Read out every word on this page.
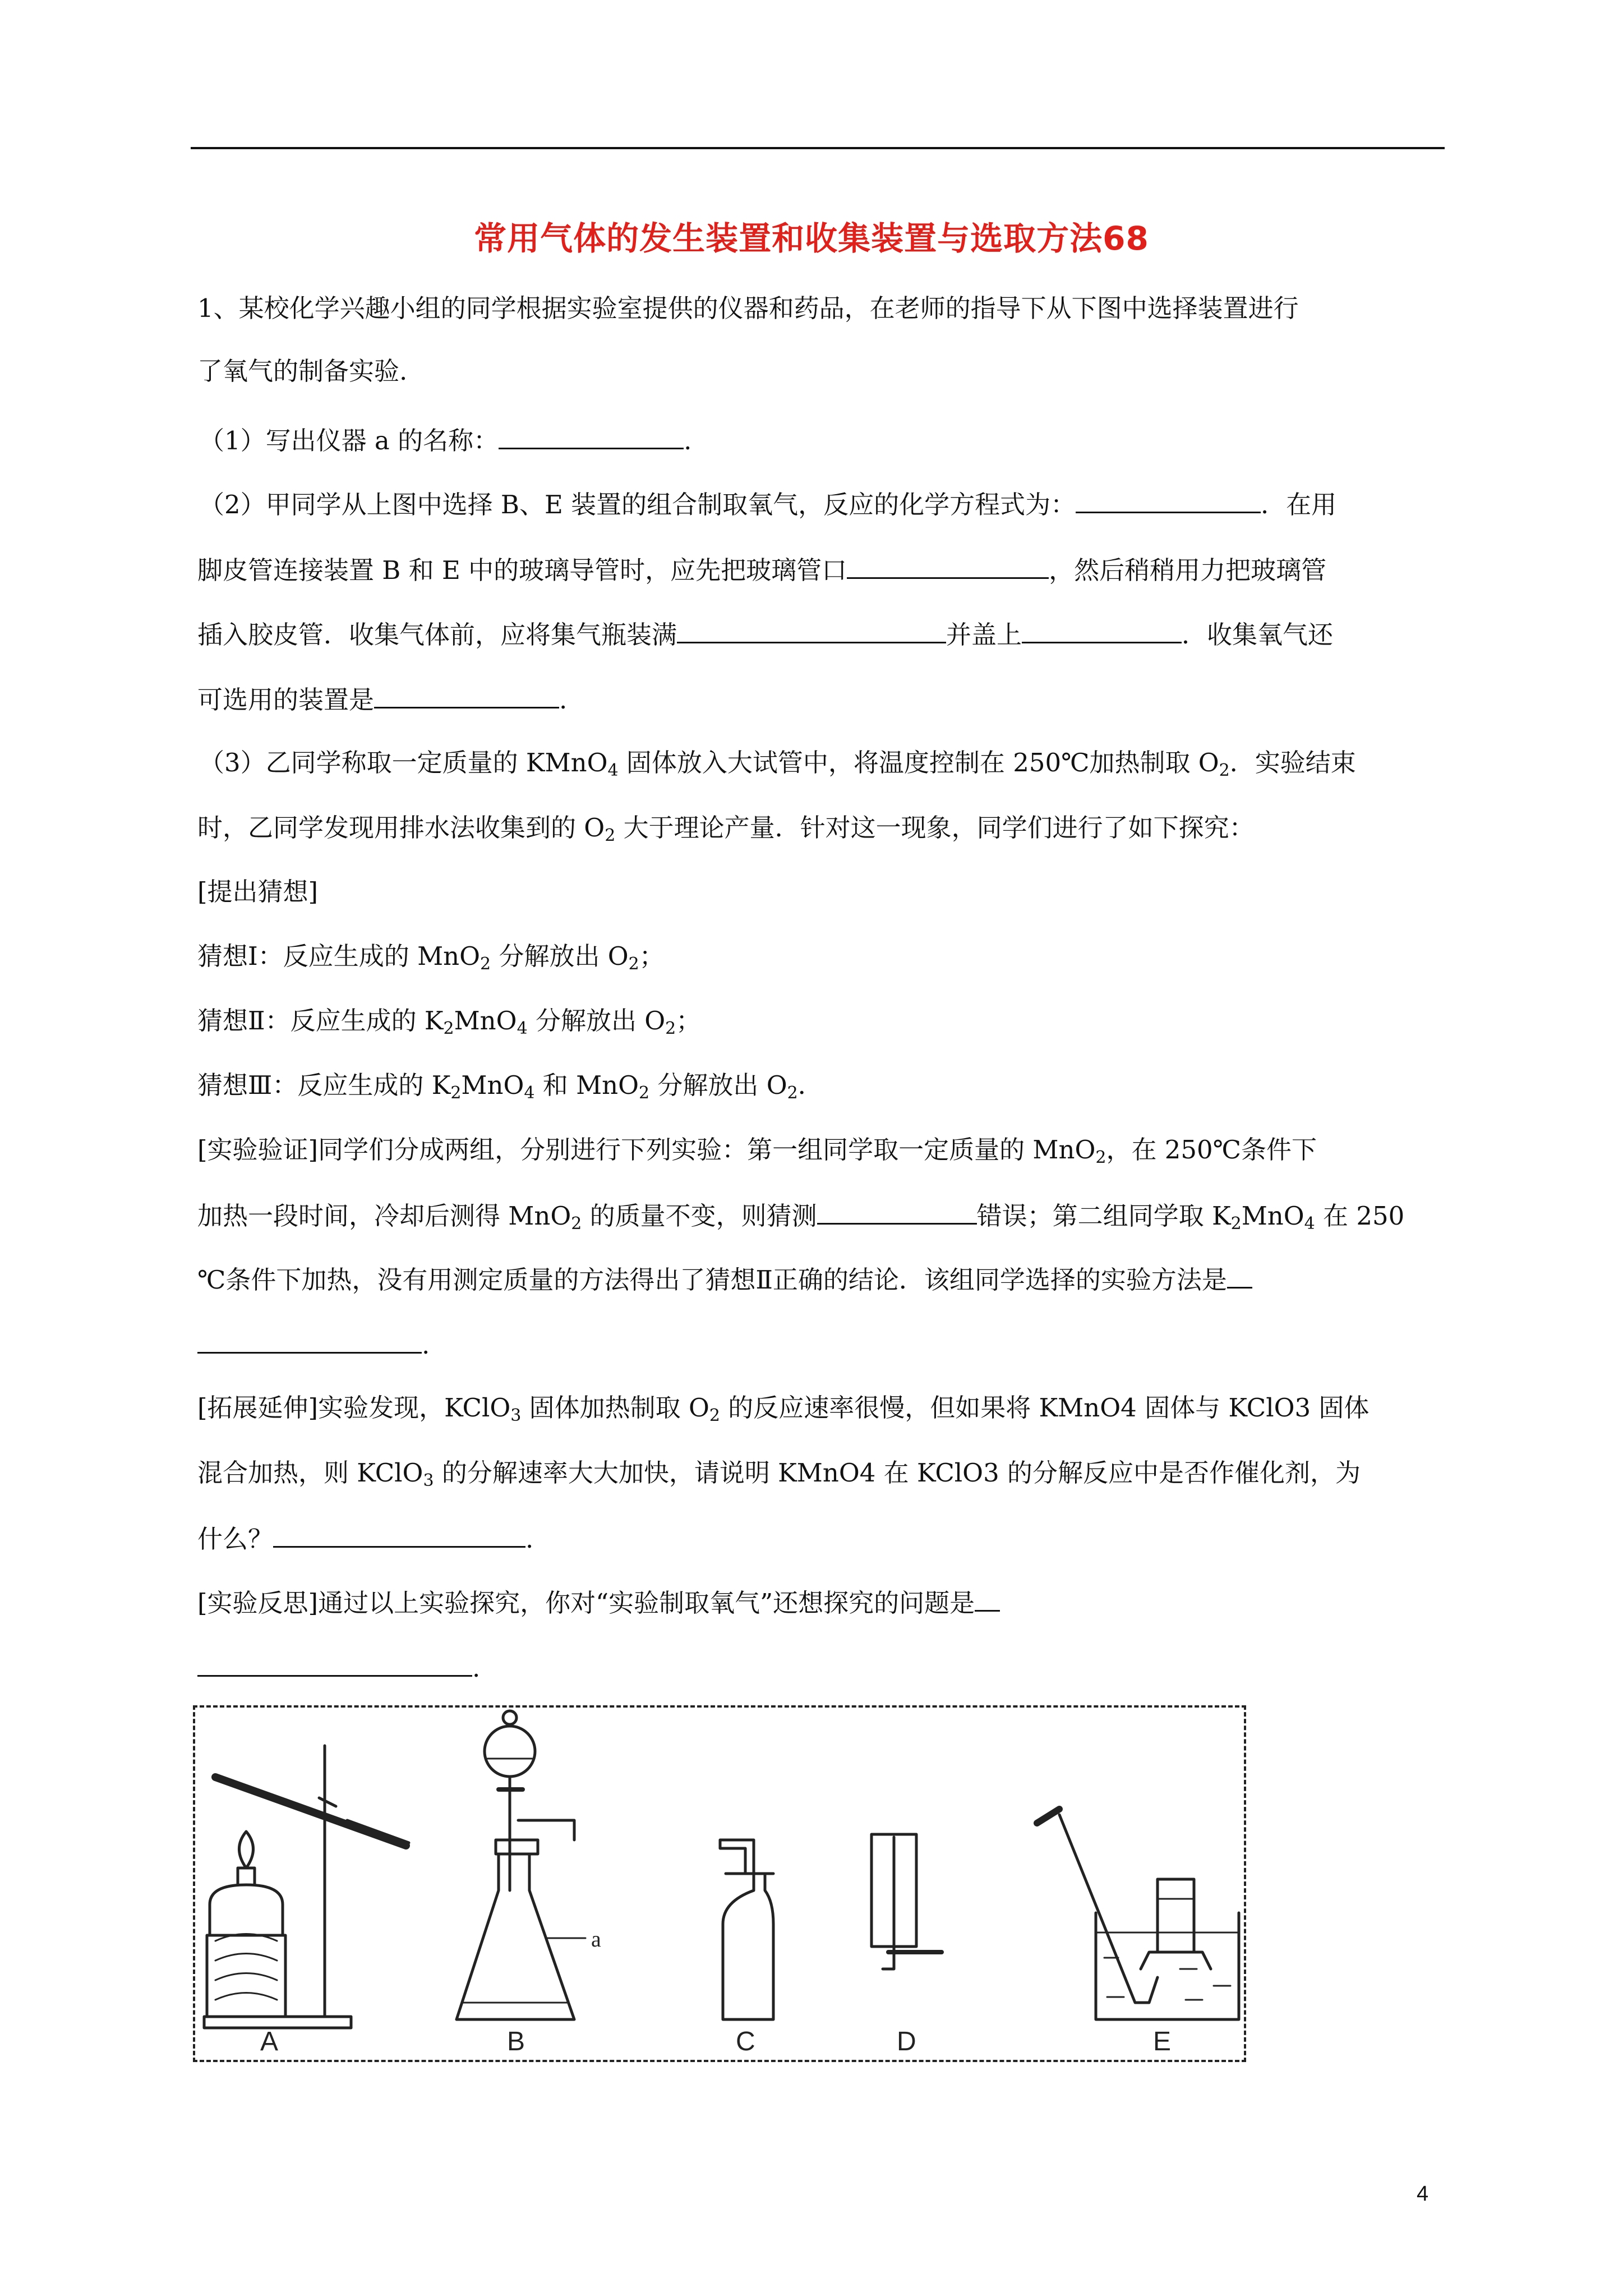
常用气体的发生装置和收集装置与选取方法68
1、某校化学兴趣小组的同学根据实验室提供的仪器和药品，在老师的指导下从下图中选择装置进行
了氧气的制备实验.
（1）写出仪器 a 的名称：	.
（2）甲同学从上图中选择 B、E 装置的组合制取氧气，反应的化学方程式为：	．在用
脚皮管连接装置 B 和 E 中的玻璃导管时，应先把玻璃管口	，然后稍稍用力把玻璃管
插入胶皮管．收集气体前，应将集气瓶装满	并盖上	．收集氧气还
可选用的装置是	.
（3）乙同学称取一定质量的 KMnO$_4$ 固体放入大试管中，将温度控制在 250℃加热制取 $O_2$．实验结束
时，乙同学发现用排水法收集到的 $O_2$ 大于理论产量．针对这一现象，同学们进行了如下探究：
[提出猜想]
猜想Ⅰ：反应生成的 MnO$_2$ 分解放出 $O_2$；
猜想Ⅱ：反应生成的 $K_2MnO_4$ 分解放出 $O_2$；
猜想Ⅲ：反应生成的 $K_2MnO_4$ 和 MnO$_2$ 分解放出 $O_2$．
[实验验证]同学们分成两组，分别进行下列实验：第一组同学取一定质量的 MnO$_2$，在 250℃条件下
加热一段时间，冷却后测得 MnO$_2$ 的质量不变，则猜测	错误；第二组同学取 $K_2MnO_4$ 在 250
℃条件下加热，没有用测定质量的方法得出了猜想Ⅱ正确的结论．该组同学选择的实验方法是
.
[拓展延伸]实验发现，KClO$_3$ 固体加热制取 $O_2$ 的反应速率很慢，但如果将 KMnO4 固体与 KClO3 固体
混合加热，则 KClO$_3$ 的分解速率大大加快，请说明 KMnO4 在 KClO3 的分解反应中是否作催化剂，为
什么？	.
[实验反思]通过以上实验探究，你对“实验制取氧气”还想探究的问题是
.
a
A	B	C	D	E
4
